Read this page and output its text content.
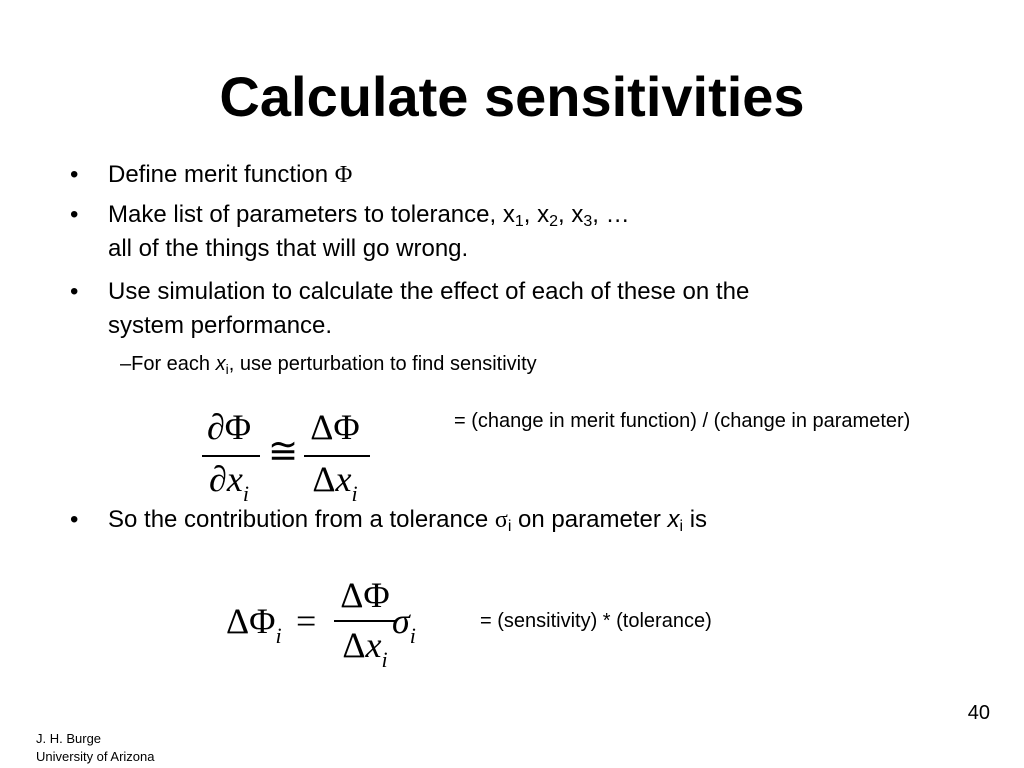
Calculate sensitivities
• Define merit function Φ
• Make list of parameters to tolerance, $x_1$, $x_2$, $x_3$, …
all of the things that will go wrong.
• Use simulation to calculate the effect of each of these on the
system performance.
–For each $x_i$, use perturbation to find sensitivity
∂Φ
$\partial x_i$
≅
ΔΦ
$\Delta x_i$
= (change in merit function) / (change in parameter)
• So the contribution from a tolerance $\sigma_i$ on parameter $x_i$ is
$\Delta\Phi_i$ =
ΔΦ
$\Delta x_i$
$\sigma_i$
= (sensitivity) * (tolerance)
40
J. H. Burge
University of Arizona
